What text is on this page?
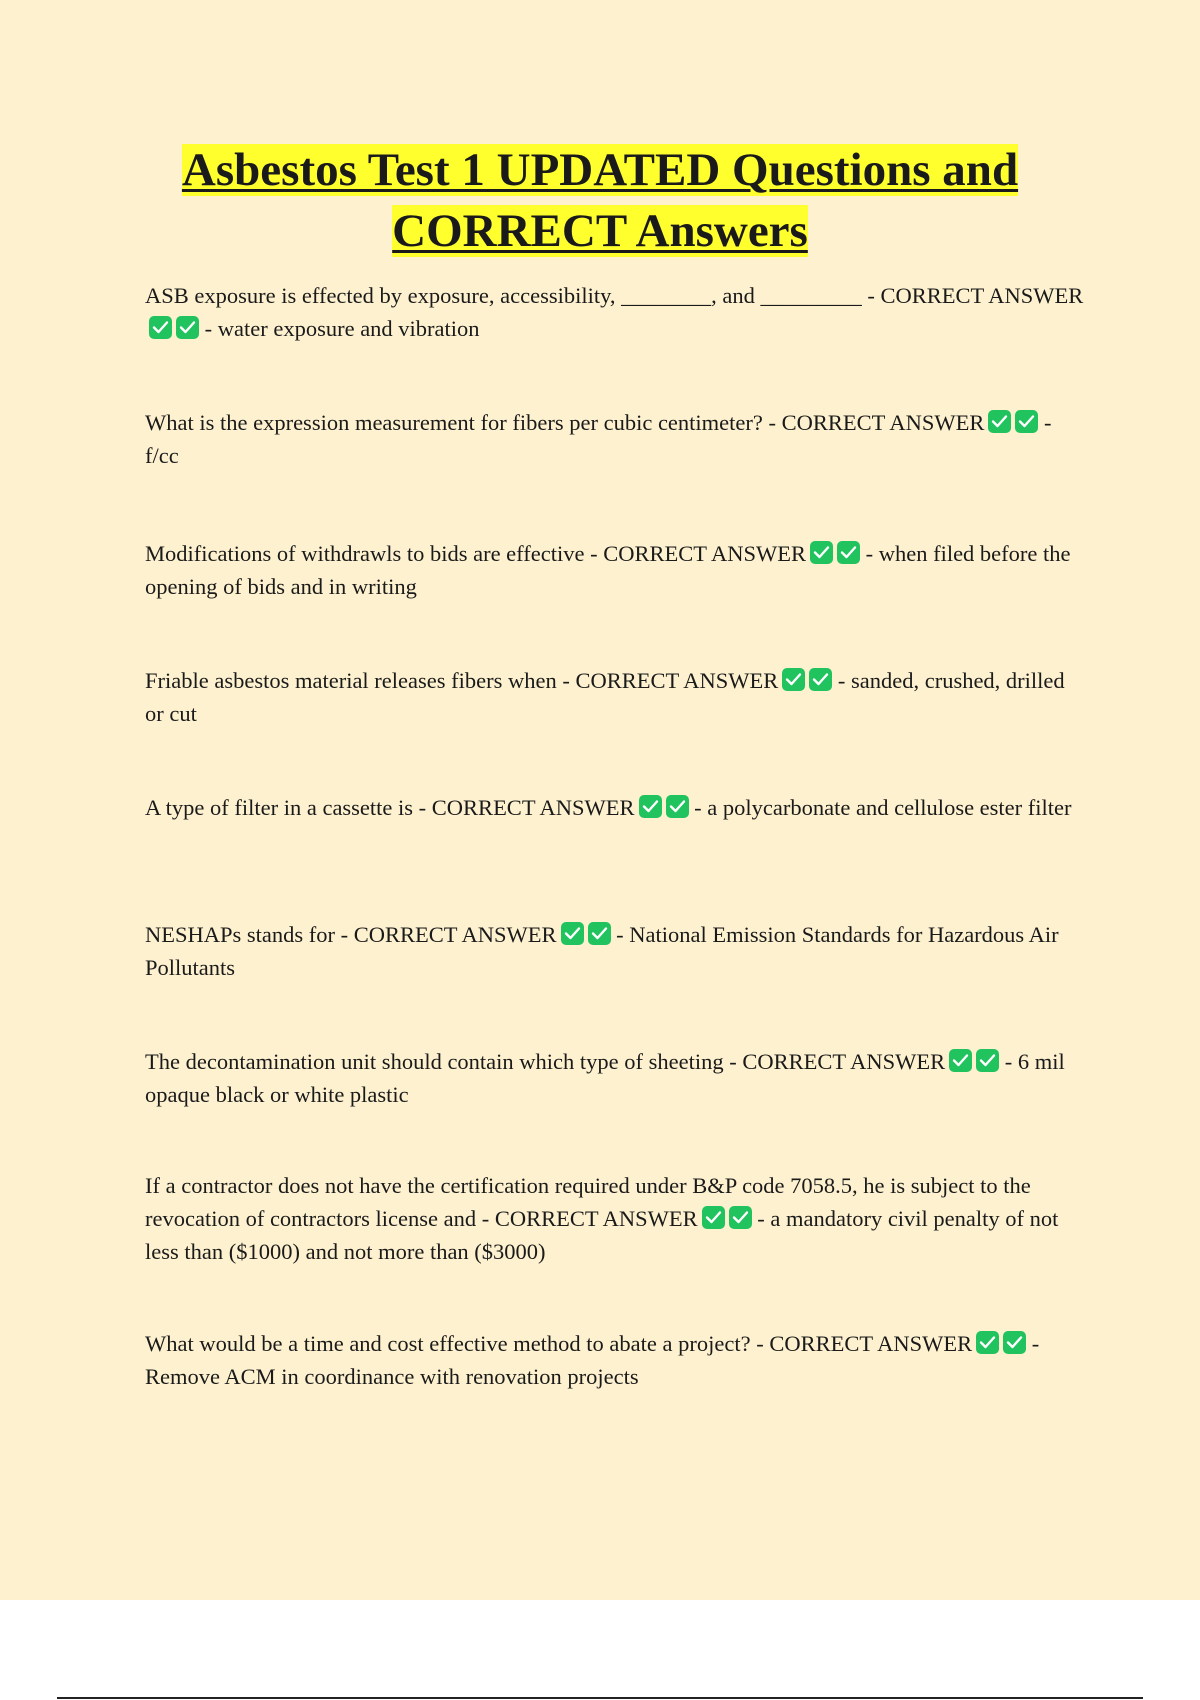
Asbestos Test 1 UPDATED Questions and
CORRECT Answers

ASB exposure is effected by exposure, accessibility, ________, and _________ - CORRECT ANSWER
- water exposure and vibration

What is the expression measurement for fibers per cubic centimeter? - CORRECT ANSWER
- f/cc

Modifications of withdrawls to bids are effective - CORRECT ANSWER
- when filed before the opening of bids and in writing

Friable asbestos material releases fibers when - CORRECT ANSWER
- sanded, crushed, drilled or cut

A type of filter in a cassette is - CORRECT ANSWER
- a polycarbonate and cellulose ester filter

NESHAPs stands for - CORRECT ANSWER
- National Emission Standards for Hazardous Air Pollutants

The decontamination unit should contain which type of sheeting - CORRECT ANSWER
- 6 mil opaque black or white plastic

If a contractor does not have the certification required under B&P code 7058.5, he is subject to the revocation of contractors license and - CORRECT ANSWER
- a mandatory civil penalty of not less than ($1000) and not more than ($3000)

What would be a time and cost effective method to abate a project? - CORRECT ANSWER
- Remove ACM in coordinance with renovation projects
